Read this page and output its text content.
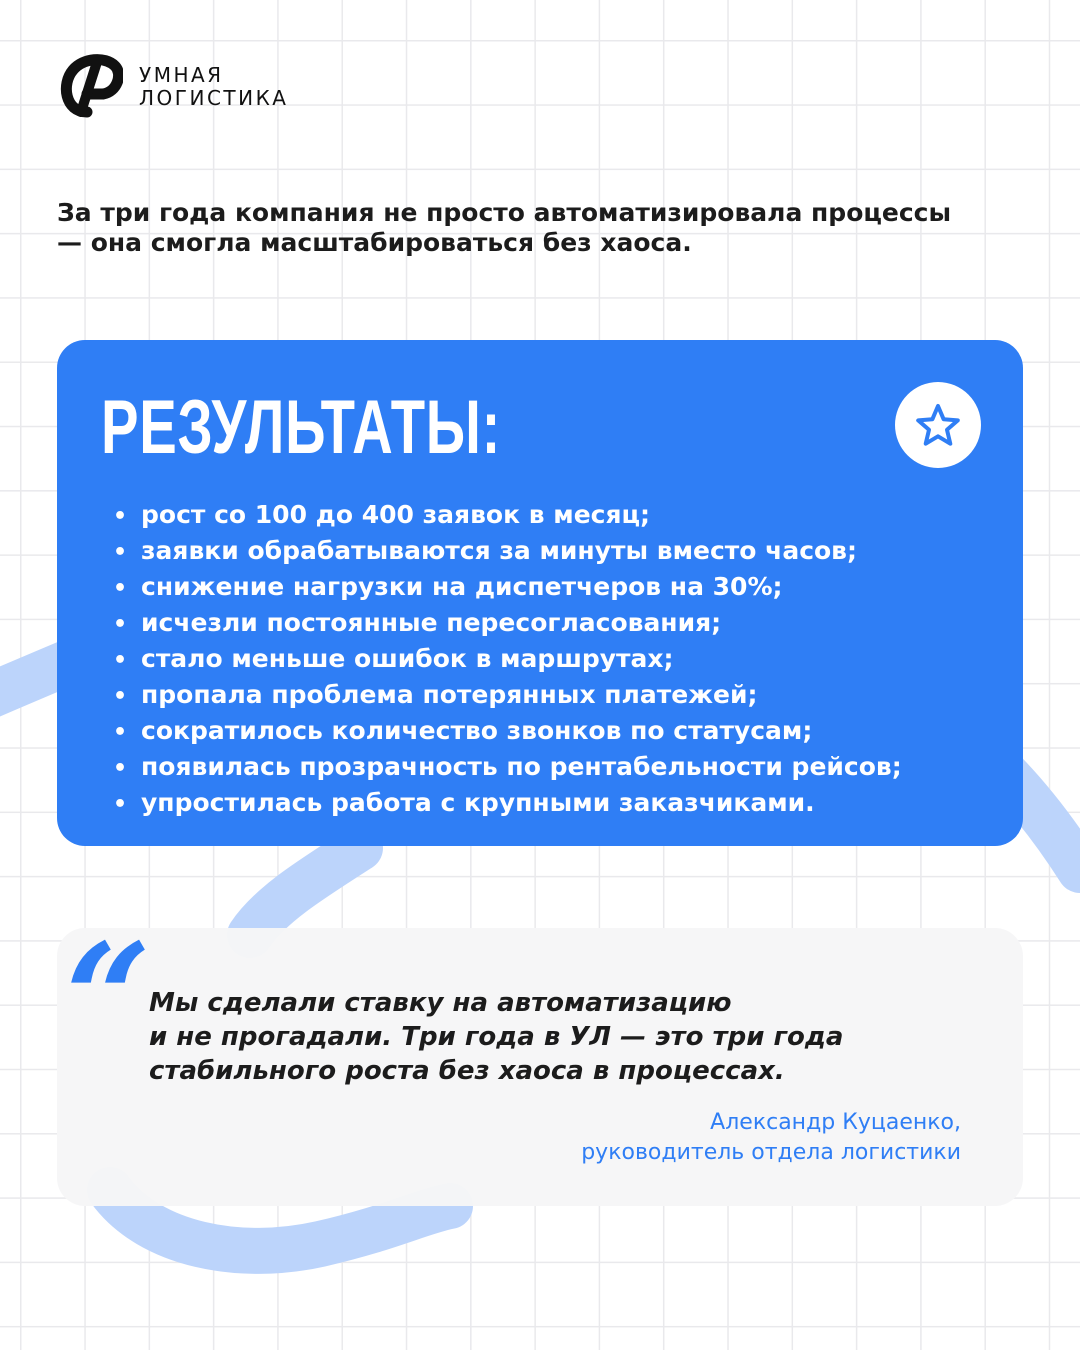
УМНАЯ
ЛОГИСТИКА
За три года компания не просто автоматизировала процессы — она смогла масштабироваться без хаоса.
РЕЗУЛЬТАТЫ:
• рост со 100 до 400 заявок в месяц;
• заявки обрабатываются за минуты вместо часов;
• снижение нагрузки на диспетчеров на 30%;
• исчезли постоянные пересогласования;
• стало меньше ошибок в маршрутах;
• пропала проблема потерянных платежей;
• сократилось количество звонков по статусам;
• появилась прозрачность по рентабельности рейсов;
• упростилась работа с крупными заказчиками.
“
Мы сделали ставку на автоматизацию
и не прогадали. Три года в УЛ — это три года
стабильного роста без хаоса в процессах.
Александр Куцаенко,
руководитель отдела логистики
